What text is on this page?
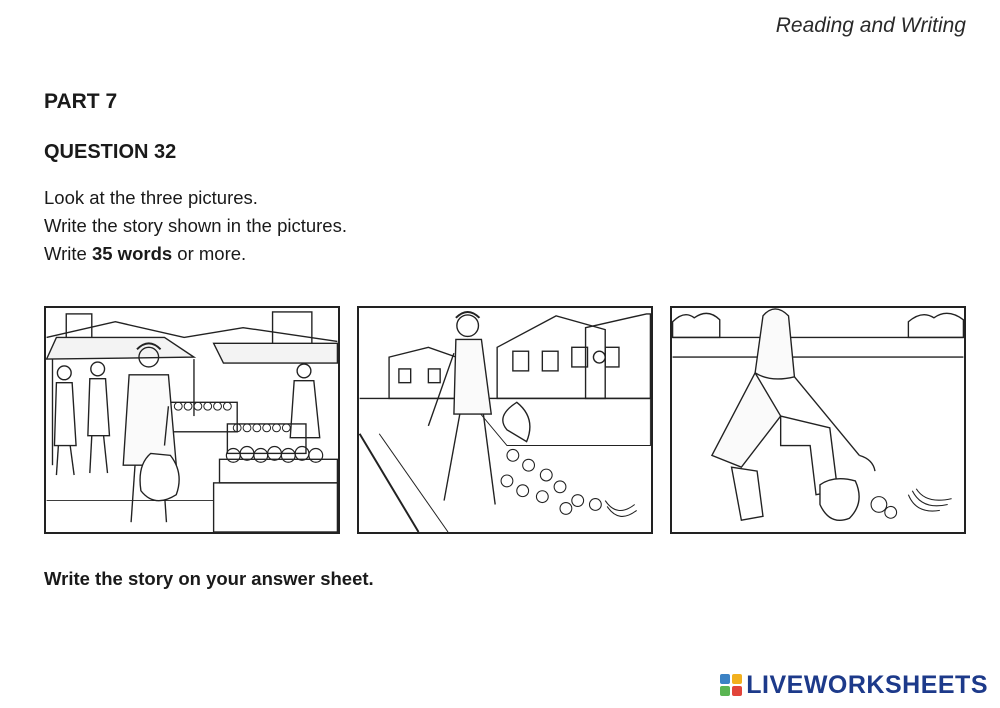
Reading and Writing
PART 7
QUESTION 32
Look at the three pictures.
Write the story shown in the pictures.
Write 35 words or more.
Write the story on your answer sheet.
LIVEWORKSHEETS
